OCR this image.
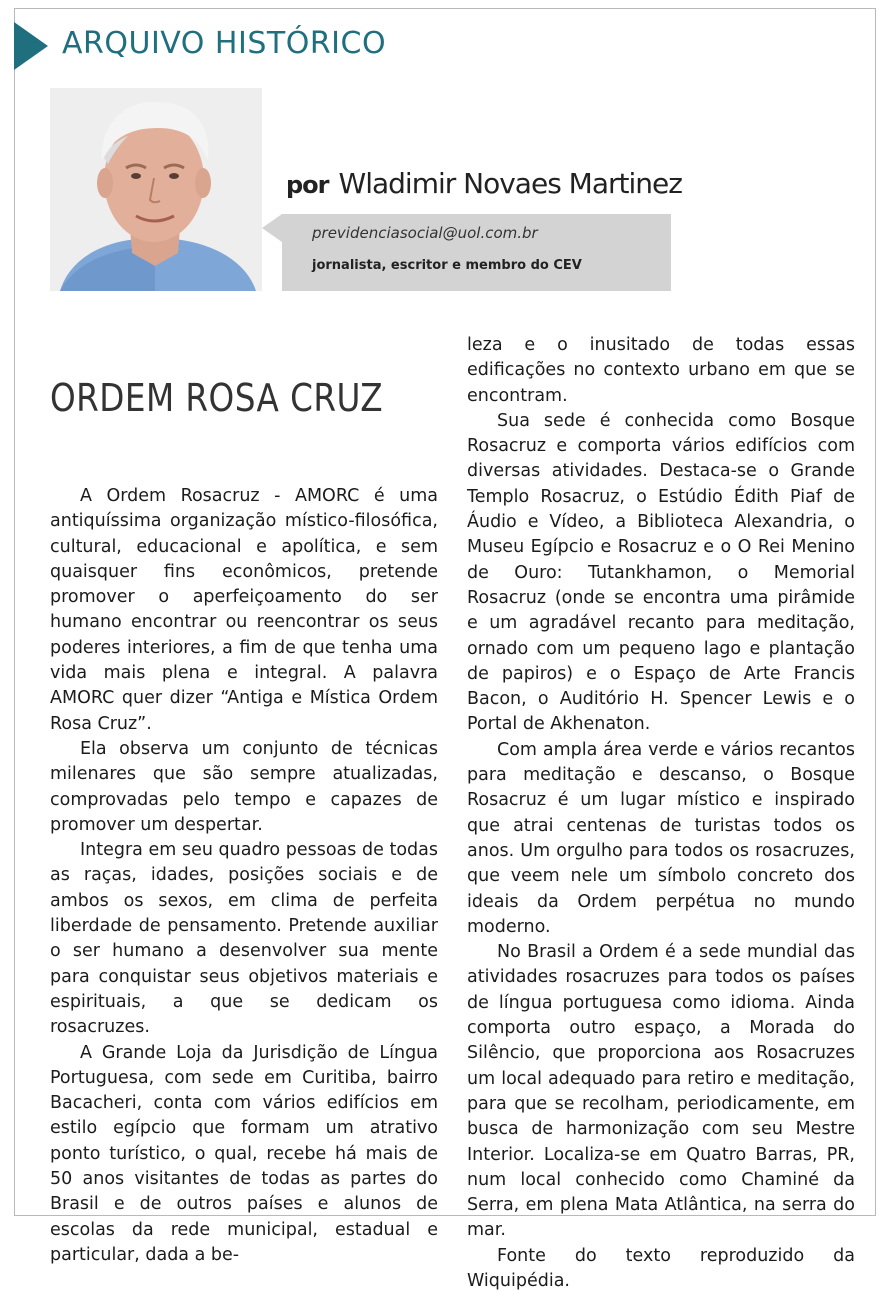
ARQUIVO HISTÓRICO
por Wladimir Novaes Martinez
previdenciasocial@uol.com.br
jornalista, escritor e membro do CEV
ORDEM ROSA CRUZ

A Ordem Rosacruz - AMORC é uma antiquíssima organização místico-filosófica, cultural, educacional e apolítica, e sem quaisquer fins econômicos, pretende promover o aperfeiçoamento do ser humano encontrar ou reencontrar os seus poderes interiores, a fim de que tenha uma vida mais plena e integral. A palavra AMORC quer dizer “Antiga e Mística Ordem Rosa Cruz”.

Ela observa um conjunto de técnicas milenares que são sempre atualizadas, comprovadas pelo tempo e capazes de promover um despertar.

Integra em seu quadro pessoas de todas as raças, idades, posições sociais e de ambos os sexos, em clima de perfeita liberdade de pensamento. Pretende auxiliar o ser humano a desenvolver sua mente para conquistar seus objetivos materiais e espirituais, a que se dedicam os rosacruzes.

A Grande Loja da Jurisdição de Língua Portuguesa, com sede em Curitiba, bairro Bacacheri, conta com vários edifícios em estilo egípcio que formam um atrativo ponto turístico, o qual, recebe há mais de 50 anos visitantes de todas as partes do Brasil e de outros países e alunos de escolas da rede municipal, estadual e particular, dada a be-

leza e o inusitado de todas essas edificações no contexto urbano em que se encontram.

Sua sede é conhecida como Bosque Rosacruz e comporta vários edifícios com diversas atividades. Destaca-se o Grande Templo Rosacruz, o Estúdio Édith Piaf de Áudio e Vídeo, a Biblioteca Alexandria, o Museu Egípcio e Rosacruz e o O Rei Menino de Ouro: Tutankhamon, o Memorial Rosacruz (onde se encontra uma pirâmide e um agradável recanto para meditação, ornado com um pequeno lago e plantação de papiros) e o Espaço de Arte Francis Bacon, o Auditório H. Spencer Lewis e o Portal de Akhenaton.

Com ampla área verde e vários recantos para meditação e descanso, o Bosque Rosacruz é um lugar místico e inspirado que atrai centenas de turistas todos os anos. Um orgulho para todos os rosacruzes, que veem nele um símbolo concreto dos ideais da Ordem perpétua no mundo moderno.

No Brasil a Ordem é a sede mundial das atividades rosacruzes para todos os países de língua portuguesa como idioma. Ainda comporta outro espaço, a Morada do Silêncio, que proporciona aos Rosacruzes um local adequado para retiro e meditação, para que se recolham, periodicamente, em busca de harmonização com seu Mestre Interior. Localiza-se em Quatro Barras, PR, num local conhecido como Chaminé da Serra, em plena Mata Atlântica, na serra do mar.

Fonte do texto reproduzido da Wiquipédia.
